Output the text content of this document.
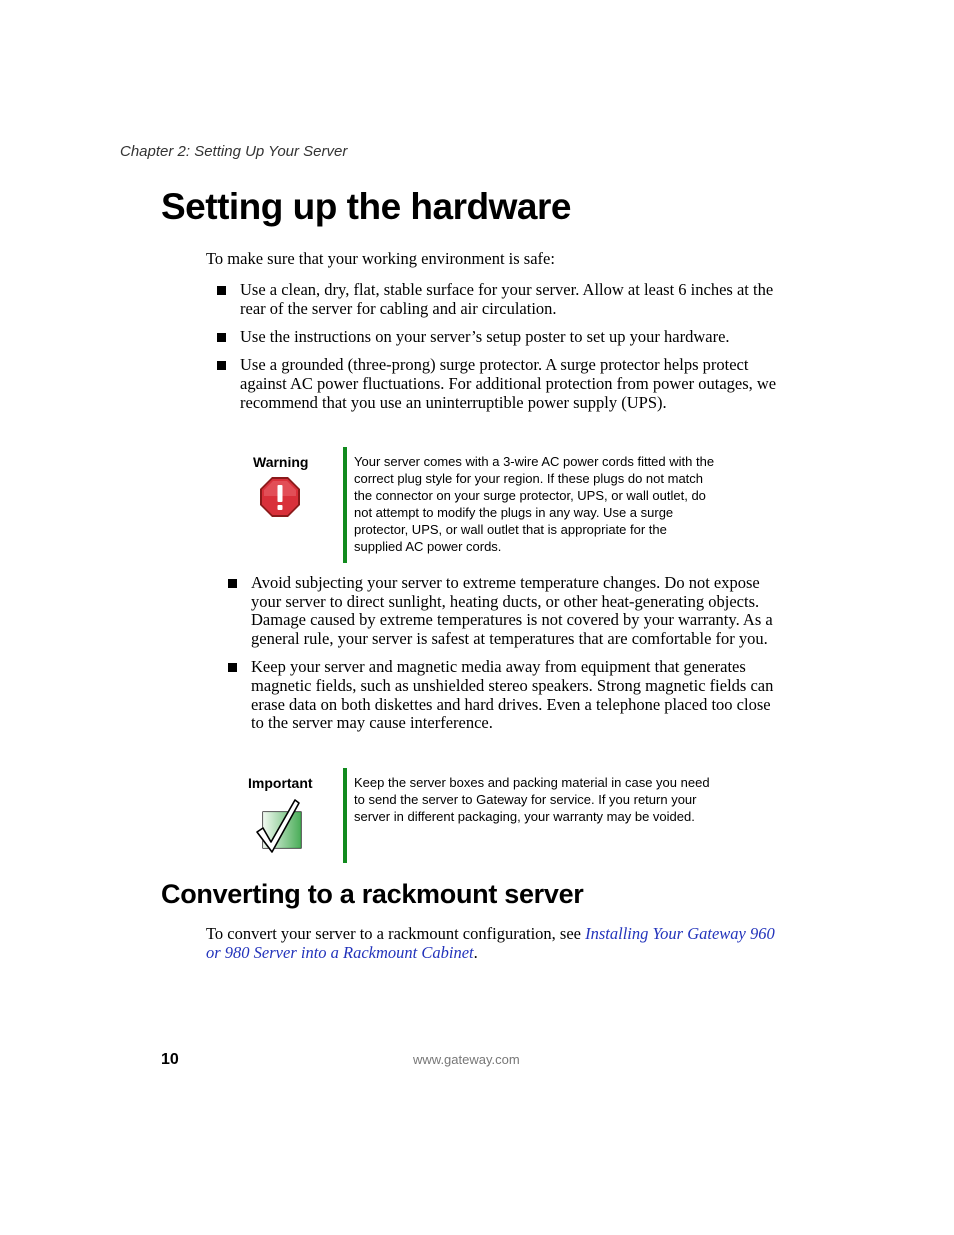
Chapter 2: Setting Up Your Server
Setting up the hardware
To make sure that your working environment is safe:
Use a clean, dry, flat, stable surface for your server. Allow at least 6 inches at the rear of the server for cabling and air circulation.
Use the instructions on your server’s setup poster to set up your hardware.
Use a grounded (three-prong) surge protector. A surge protector helps protect against AC power fluctuations. For additional protection from power outages, we recommend that you use an uninterruptible power supply (UPS).
Warning	Your server comes with a 3-wire AC power cords fitted with the correct plug style for your region. If these plugs do not match the connector on your surge protector, UPS, or wall outlet, do not attempt to modify the plugs in any way. Use a surge protector, UPS, or wall outlet that is appropriate for the supplied AC power cords.
Avoid subjecting your server to extreme temperature changes. Do not expose your server to direct sunlight, heating ducts, or other heat-generating objects. Damage caused by extreme temperatures is not covered by your warranty. As a general rule, your server is safest at temperatures that are comfortable for you.
Keep your server and magnetic media away from equipment that generates magnetic fields, such as unshielded stereo speakers. Strong magnetic fields can erase data on both diskettes and hard drives. Even a telephone placed too close to the server may cause interference.
Important	Keep the server boxes and packing material in case you need to send the server to Gateway for service. If you return your server in different packaging, your warranty may be voided.
Converting to a rackmount server
To convert your server to a rackmount configuration, see Installing Your Gateway 960 or 980 Server into a Rackmount Cabinet.
10	www.gateway.com
